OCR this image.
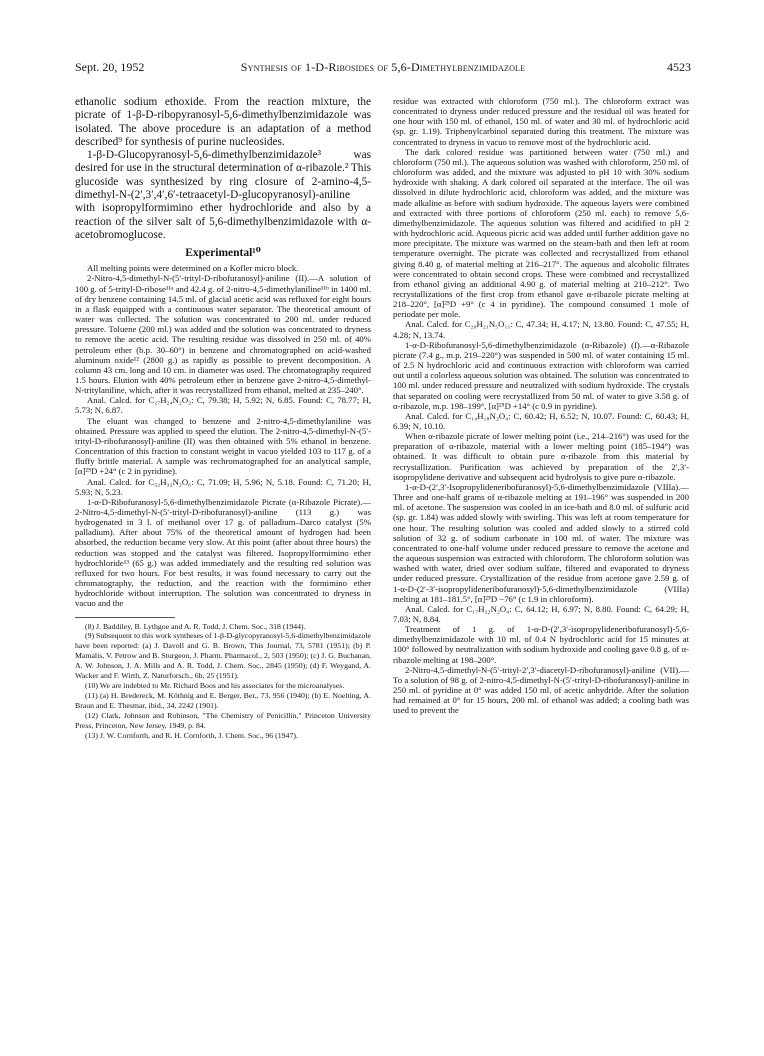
Sept. 20, 1952	Synthesis of 1-D-Ribosides of 5,6-Dimethylbenzimidazole	4523

ethanolic sodium ethoxide. From the reaction mixture, the picrate of 1-β-D-ribopyranosyl-5,6-dimethylbenzimidazole was isolated. The above procedure is an adaptation of a method described⁹ for synthesis of purine nucleosides.

1-β-D-Glucopyranosyl-5,6-dimethylbenzimidazole³ was desired for use in the structural determination of α-ribazole.² This glucoside was synthesized by ring closure of 2-amino-4,5-dimethyl-N-(2′,3′,4′,6′-tetraacetyl-D-glucopyranosyl)-aniline with isopropylformimino ether hydrochloride and also by a reaction of the silver salt of 5,6-dimethylbenzimidazole with α-acetobromoglucose.

Experimental¹⁰

All melting points were determined on a Kofler micro block.

2-Nitro-4,5-dimethyl-N-(5′-trityl-D-ribofuranosyl)-aniline (II).—A solution of 100 g. of 5-trityl-D-ribose¹¹ᵃ and 42.4 g. of 2-nitro-4,5-dimethylaniline¹¹ᵇ in 1400 ml. of dry benzene containing 14.5 ml. of glacial acetic acid was refluxed for eight hours in a flask equipped with a continuous water separator. The theoretical amount of water was collected. The solution was concentrated to 200 ml. under reduced pressure. Toluene (200 ml.) was added and the solution was concentrated to dryness to remove the acetic acid. The resulting residue was dissolved in 250 ml. of 40% petroleum ether (b.p. 30–60°) in benzene and chromatographed on acid-washed aluminum oxide¹² (2800 g.) as rapidly as possible to prevent decomposition. A column 43 cm. long and 10 cm. in diameter was used. The chromatography required 1.5 hours. Elution with 40% petroleum ether in benzene gave 2-nitro-4,5-dimethyl-N-tritylaniline, which, after it was recrystallized from ethanol, melted at 235–240°.

Anal. Calcd. for C₂₇H₂₄N₂O₂: C, 79.38; H, 5.92; N, 6.85. Found: C, 78.77; H, 5.73; N, 6.87.

The eluant was changed to benzene and 2-nitro-4,5-dimethylaniline was obtained. Pressure was applied to speed the elution. The 2-nitro-4,5-dimethyl-N-(5′-trityl-D-ribofuranosyl)-aniline (II) was then obtained with 5% ethanol in benzene. Concentration of this fraction to constant weight in vacuo yielded 103 to 117 g. of a fluffy brittle material. A sample was rechromatographed for an analytical sample, [α]²⁵D +24° (c 2 in pyridine).

Anal. Calcd. for C₃₂H₃₂N₂O₆: C, 71.09; H, 5.96; N, 5.18. Found: C, 71.20; H, 5.93; N, 5.23.

1-α-D-Ribofuranosyl-5,6-dimethylbenzimidazole Picrate (α-Ribazole Picrate).—2-Nitro-4,5-dimethyl-N-(5′-trityl-D-ribofuranosyl)-aniline (113 g.) was hydrogenated in 3 l. of methanol over 17 g. of palladium–Darco catalyst (5% palladium). After about 75% of the theoretical amount of hydrogen had been absorbed, the reduction became very slow. At this point (after about three hours) the reduction was stopped and the catalyst was filtered. Isopropylformimino ether hydrochloride¹³ (65 g.) was added immediately and the resulting red solution was refluxed for two hours. For best results, it was found necessary to carry out the chromatography, the reduction, and the reaction with the formimino ether hydrochloride without interruption. The solution was concentrated to dryness in vacuo and the

(8) J. Baddiley, B. Lythgoe and A. R. Todd, J. Chem. Soc., 318 (1944).

(9) Subsequent to this work syntheses of 1-β-D-glycopyranosyl-5,6-dimethylbenzimidazole have been reported: (a) J. Davoll and G. B. Brown, This Journal, 73, 5781 (1951); (b) P. Mamalis, V. Petrow and B. Sturgeon, J. Pharm. Pharmacol., 2, 503 (1950); (c) J. G. Buchanan, A. W. Johnson, J. A. Mills and A. R. Todd, J. Chem. Soc., 2845 (1950); (d) F. Weygand, A. Wacker and F. Wirth, Z. Naturforsch., 6b, 25 (1951).

(10) We are indebted to Mr. Richard Boos and his associates for the microanalyses.

(11) (a) H. Bredereck, M. Köthnig and E. Berger, Ber., 73, 956 (1940); (b) E. Noelting, A. Braun and E. Thesmar, ibid., 34, 2242 (1901).

(12) Clark, Johnson and Robinson, "The Chemistry of Penicillin," Princeton University Press, Princeton, New Jersey, 1949, p. 84.

(13) J. W. Cornforth, and R. H. Cornforth, J. Chem. Soc., 96 (1947).

residue was extracted with chloroform (750 ml.). The chloroform extract was concentrated to dryness under reduced pressure and the residual oil was heated for one hour with 150 ml. of ethanol, 150 ml. of water and 30 ml. of hydrochloric acid (sp. gr. 1.19). Triphenylcarbinol separated during this treatment. The mixture was concentrated to dryness in vacuo to remove most of the hydrochloric acid.

The dark colored residue was partitioned between water (750 ml.) and chloroform (750 ml.). The aqueous solution was washed with chloroform, 250 ml. of chloroform was added, and the mixture was adjusted to pH 10 with 30% sodium hydroxide with shaking. A dark colored oil separated at the interface. The oil was dissolved in dilute hydrochloric acid, chloroform was added, and the mixture was made alkaline as before with sodium hydroxide. The aqueous layers were combined and extracted with three portions of chloroform (250 ml. each) to remove 5,6-dimethylbenzimidazole. The aqueous solution was filtered and acidified to pH 2 with hydrochloric acid. Aqueous picric acid was added until further addition gave no more precipitate. The mixture was warmed on the steam-bath and then left at room temperature overnight. The picrate was collected and recrystallized from ethanol giving 8.40 g. of material melting at 216–217°. The aqueous and alcoholic filtrates were concentrated to obtain second crops. These were combined and recrystallized from ethanol giving an additional 4.90 g. of material melting at 210–212°. Two recrystallizations of the first crop from ethanol gave α-ribazole picrate melting at 218–220°, [α]²⁵D +9° (c 4 in pyridine). The compound consumed 1 mole of periodate per mole.

Anal. Calcd. for C₂₀H₂₁N₅O₁₁: C, 47.34; H, 4.17; N, 13.80. Found: C, 47.55; H, 4.28; N, 13.74.

1-α-D-Ribofuranosyl-5,6-dimethylbenzimidazole (α-Ribazole) (I).—α-Ribazole picrate (7.4 g., m.p. 219–220°) was suspended in 500 ml. of water containing 15 ml. of 2.5 N hydrochloric acid and continuous extraction with chloroform was carried out until a colorless aqueous solution was obtained. The solution was concentrated to 100 ml. under reduced pressure and neutralized with sodium hydroxide. The crystals that separated on cooling were recrystallized from 50 ml. of water to give 3.58 g. of α-ribazole, m.p. 198–199°, [α]²⁵D +14° (c 0.9 in pyridine).

Anal. Calcd. for C₁₄H₁₈N₂O₄: C, 60.42; H, 6.52; N, 10.07. Found: C, 60.43; H, 6.39; N, 10.10.

When α-ribazole picrate of lower melting point (i.e., 214–216°) was used for the preparation of α-ribazole, material with a lower melting point (185–194°) was obtained. It was difficult to obtain pure α-ribazole from this material by recrystallization. Purification was achieved by preparation of the 2′,3′-isopropylidene derivative and subsequent acid hydrolysis to give pure α-ribazole.

1-α-D-(2′,3′-Isopropylideneribofuranosyl)-5,6-dimethylbenzimidazole (VIIIa).—Three and one-half grams of α-ribazole melting at 191–196° was suspended in 200 ml. of acetone. The suspension was cooled in an ice-bath and 8.0 ml. of sulfuric acid (sp. gr. 1.84) was added slowly with swirling. This was left at room temperature for one hour. The resulting solution was cooled and added slowly to a stirred cold solution of 32 g. of sodium carbonate in 100 ml. of water. The mixture was concentrated to one-half volume under reduced pressure to remove the acetone and the aqueous suspension was extracted with chloroform. The chloroform solution was washed with water, dried over sodium sulfate, filtered and evaporated to dryness under reduced pressure. Crystallization of the residue from acetone gave 2.59 g. of 1-α-D-(2′-3′-isopropylideneribofuranosyl)-5,6-dimethylbenzimidazole (VIIIa) melting at 181–181.5°, [α]²⁵D −76° (c 1.9 in chloroform).

Anal. Calcd. for C₁₇H₂₂N₂O₄: C, 64.12; H, 6.97; N, 8.80. Found: C, 64.29; H, 7.03; N, 8.84.

Treatment of 1 g. of 1-α-D-(2′,3′-isopropylideneribofuranosyl)-5,6-dimethylbenzimidazole with 10 ml. of 0.4 N hydrochloric acid for 15 minutes at 100° followed by neutralization with sodium hydroxide and cooling gave 0.8 g. of α-ribazole melting at 198–200°.

2-Nitro-4,5-dimethyl-N-(5′-trityl-2′,3′-diacetyl-D-ribofuranosyl)-aniline (VII).—To a solution of 98 g. of 2-nitro-4,5-dimethyl-N-(5′-trityl-D-ribofuranosyl)-aniline in 250 ml. of pyridine at 0° was added 150 ml. of acetic anhydride. After the solution had remained at 0° for 15 hours, 200 ml. of ethanol was added; a cooling bath was used to prevent the
